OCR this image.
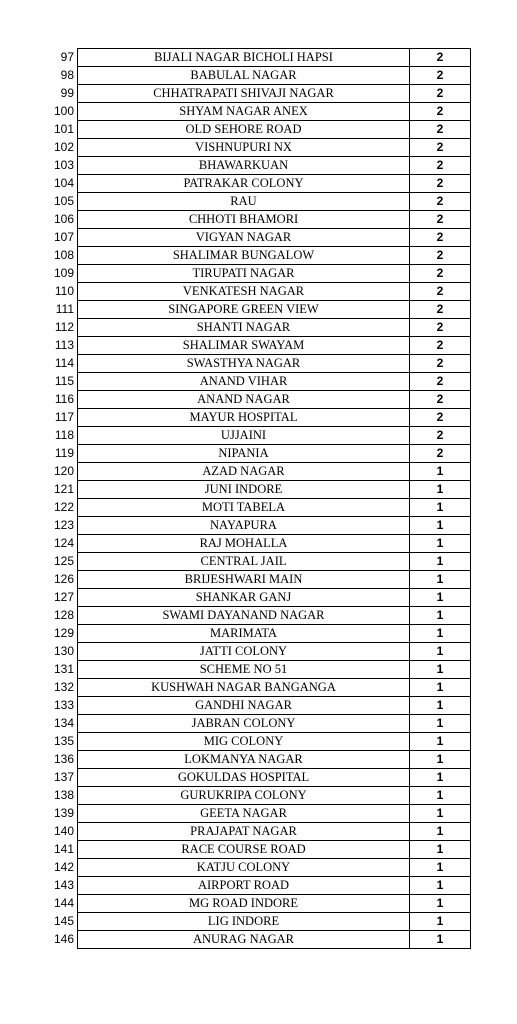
97	BIJALI NAGAR BICHOLI HAPSI	2
98	BABULAL NAGAR	2
99	CHHATRAPATI SHIVAJI NAGAR	2
100	SHYAM NAGAR ANEX	2
101	OLD SEHORE ROAD	2
102	VISHNUPURI NX	2
103	BHAWARKUAN	2
104	PATRAKAR COLONY	2
105	RAU	2
106	CHHOTI BHAMORI	2
107	VIGYAN NAGAR	2
108	SHALIMAR BUNGALOW	2
109	TIRUPATI NAGAR	2
110	VENKATESH NAGAR	2
111	SINGAPORE GREEN VIEW	2
112	SHANTI NAGAR	2
113	SHALIMAR SWAYAM	2
114	SWASTHYA NAGAR	2
115	ANAND VIHAR	2
116	ANAND NAGAR	2
117	MAYUR HOSPITAL	2
118	UJJAINI	2
119	NIPANIA	2
120	AZAD NAGAR	1
121	JUNI INDORE	1
122	MOTI TABELA	1
123	NAYAPURA	1
124	RAJ MOHALLA	1
125	CENTRAL JAIL	1
126	BRIJESHWARI MAIN	1
127	SHANKAR GANJ	1
128	SWAMI DAYANAND NAGAR	1
129	MARIMATA	1
130	JATTI COLONY	1
131	SCHEME NO 51	1
132	KUSHWAH NAGAR BANGANGA	1
133	GANDHI NAGAR	1
134	JABRAN COLONY	1
135	MIG COLONY	1
136	LOKMANYA NAGAR	1
137	GOKULDAS HOSPITAL	1
138	GURUKRIPA COLONY	1
139	GEETA NAGAR	1
140	PRAJAPAT NAGAR	1
141	RACE COURSE ROAD	1
142	KATJU COLONY	1
143	AIRPORT ROAD	1
144	MG ROAD INDORE	1
145	LIG INDORE	1
146	ANURAG NAGAR	1
